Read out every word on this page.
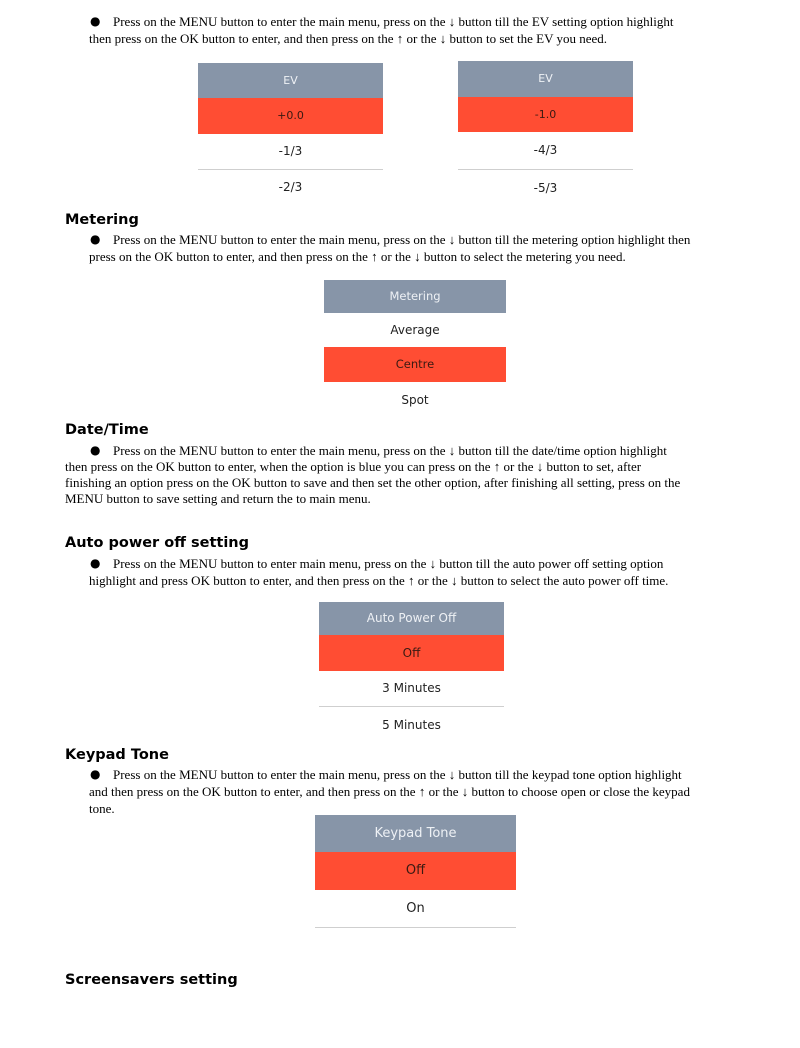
● Press on the MENU button to enter the main menu, press on the ↓ button till the EV setting option highlight
then press on the OK button to enter, and then press on the ↑ or the ↓ button to set the EV you need.
EV
+0.0
-1/3
-2/3
EV
-1.0
-4/3
-5/3
Metering
● Press on the MENU button to enter the main menu, press on the ↓ button till the metering option highlight then
press on the OK button to enter, and then press on the ↑ or the ↓ button to select the metering you need.
Metering
Average
Centre
Spot
Date/Time
● Press on the MENU button to enter the main menu, press on the ↓ button till the date/time option highlight
then press on the OK button to enter, when the option is blue you can press on the ↑ or the ↓ button to set, after
finishing an option press on the OK button to save and then set the other option, after finishing all setting, press on the
MENU button to save setting and return the to main menu.
Auto power off setting
● Press on the MENU button to enter main menu, press on the ↓ button till the auto power off setting option
highlight and press OK button to enter, and then press on the ↑ or the ↓ button to select the auto power off time.
Auto Power Off
Off
3 Minutes
5 Minutes
Keypad Tone
● Press on the MENU button to enter the main menu, press on the ↓ button till the keypad tone option highlight
and then press on the OK button to enter, and then press on the ↑ or the ↓ button to choose open or close the keypad
tone.
Keypad Tone
Off
On
Screensavers setting
